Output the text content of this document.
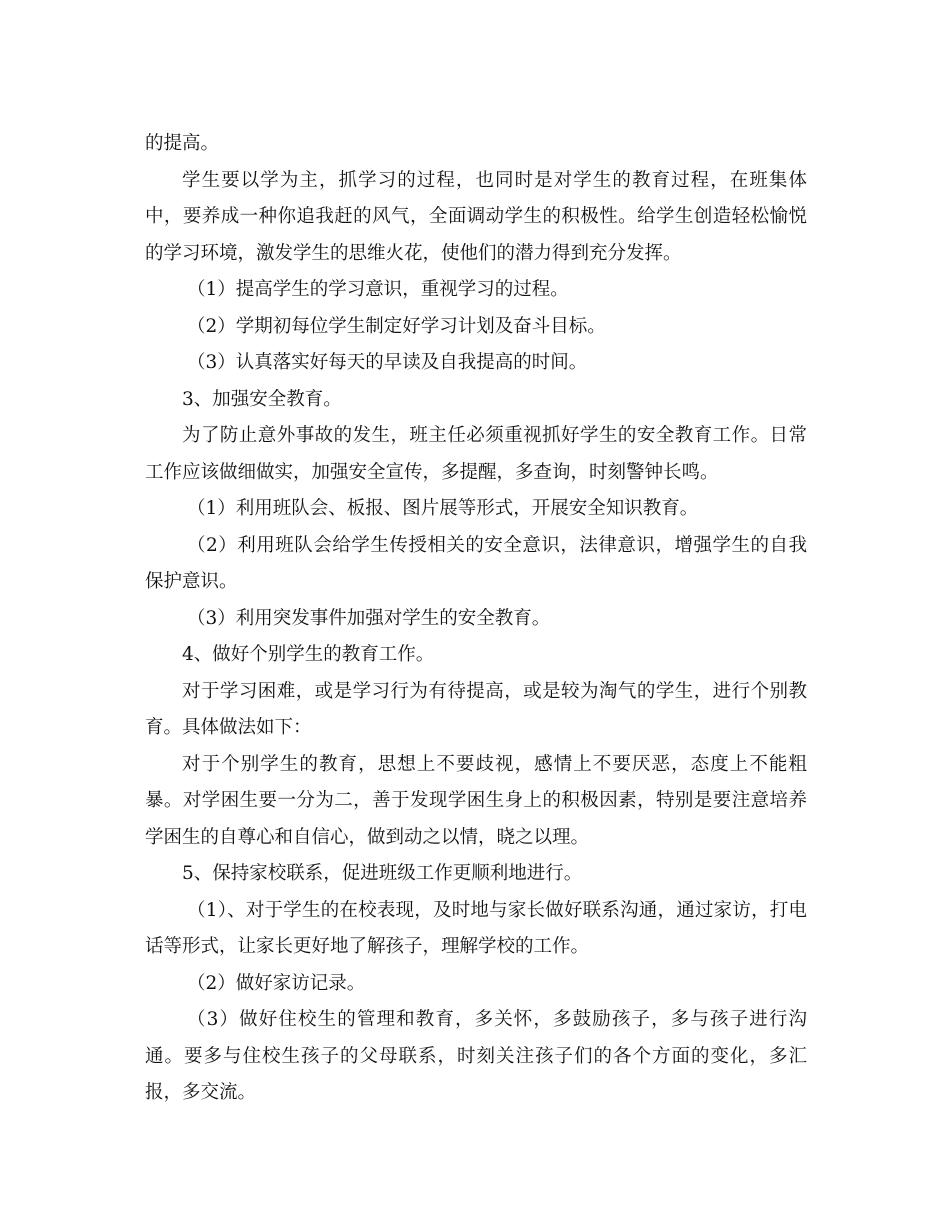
的提高。

学生要以学为主，抓学习的过程，也同时是对学生的教育过程，在班集体中，要养成一种你追我赶的风气，全面调动学生的积极性。给学生创造轻松愉悦的学习环境，激发学生的思维火花，使他们的潜力得到充分发挥。

（1）提高学生的学习意识，重视学习的过程。

（2）学期初每位学生制定好学习计划及奋斗目标。

（3）认真落实好每天的早读及自我提高的时间。

3、加强安全教育。

为了防止意外事故的发生，班主任必须重视抓好学生的安全教育工作。日常工作应该做细做实，加强安全宣传，多提醒，多查询，时刻警钟长鸣。

（1）利用班队会、板报、图片展等形式，开展安全知识教育。

（2）利用班队会给学生传授相关的安全意识，法律意识，增强学生的自我保护意识。

（3）利用突发事件加强对学生的安全教育。

4、做好个别学生的教育工作。

对于学习困难，或是学习行为有待提高，或是较为淘气的学生，进行个别教育。具体做法如下：

对于个别学生的教育，思想上不要歧视，感情上不要厌恶，态度上不能粗暴。对学困生要一分为二，善于发现学困生身上的积极因素，特别是要注意培养学困生的自尊心和自信心，做到动之以情，晓之以理。

5、保持家校联系，促进班级工作更顺利地进行。

（1）、对于学生的在校表现，及时地与家长做好联系沟通，通过家访，打电话等形式，让家长更好地了解孩子，理解学校的工作。

（2）做好家访记录。

（3）做好住校生的管理和教育，多关怀，多鼓励孩子，多与孩子进行沟通。要多与住校生孩子的父母联系，时刻关注孩子们的各个方面的变化，多汇报，多交流。
